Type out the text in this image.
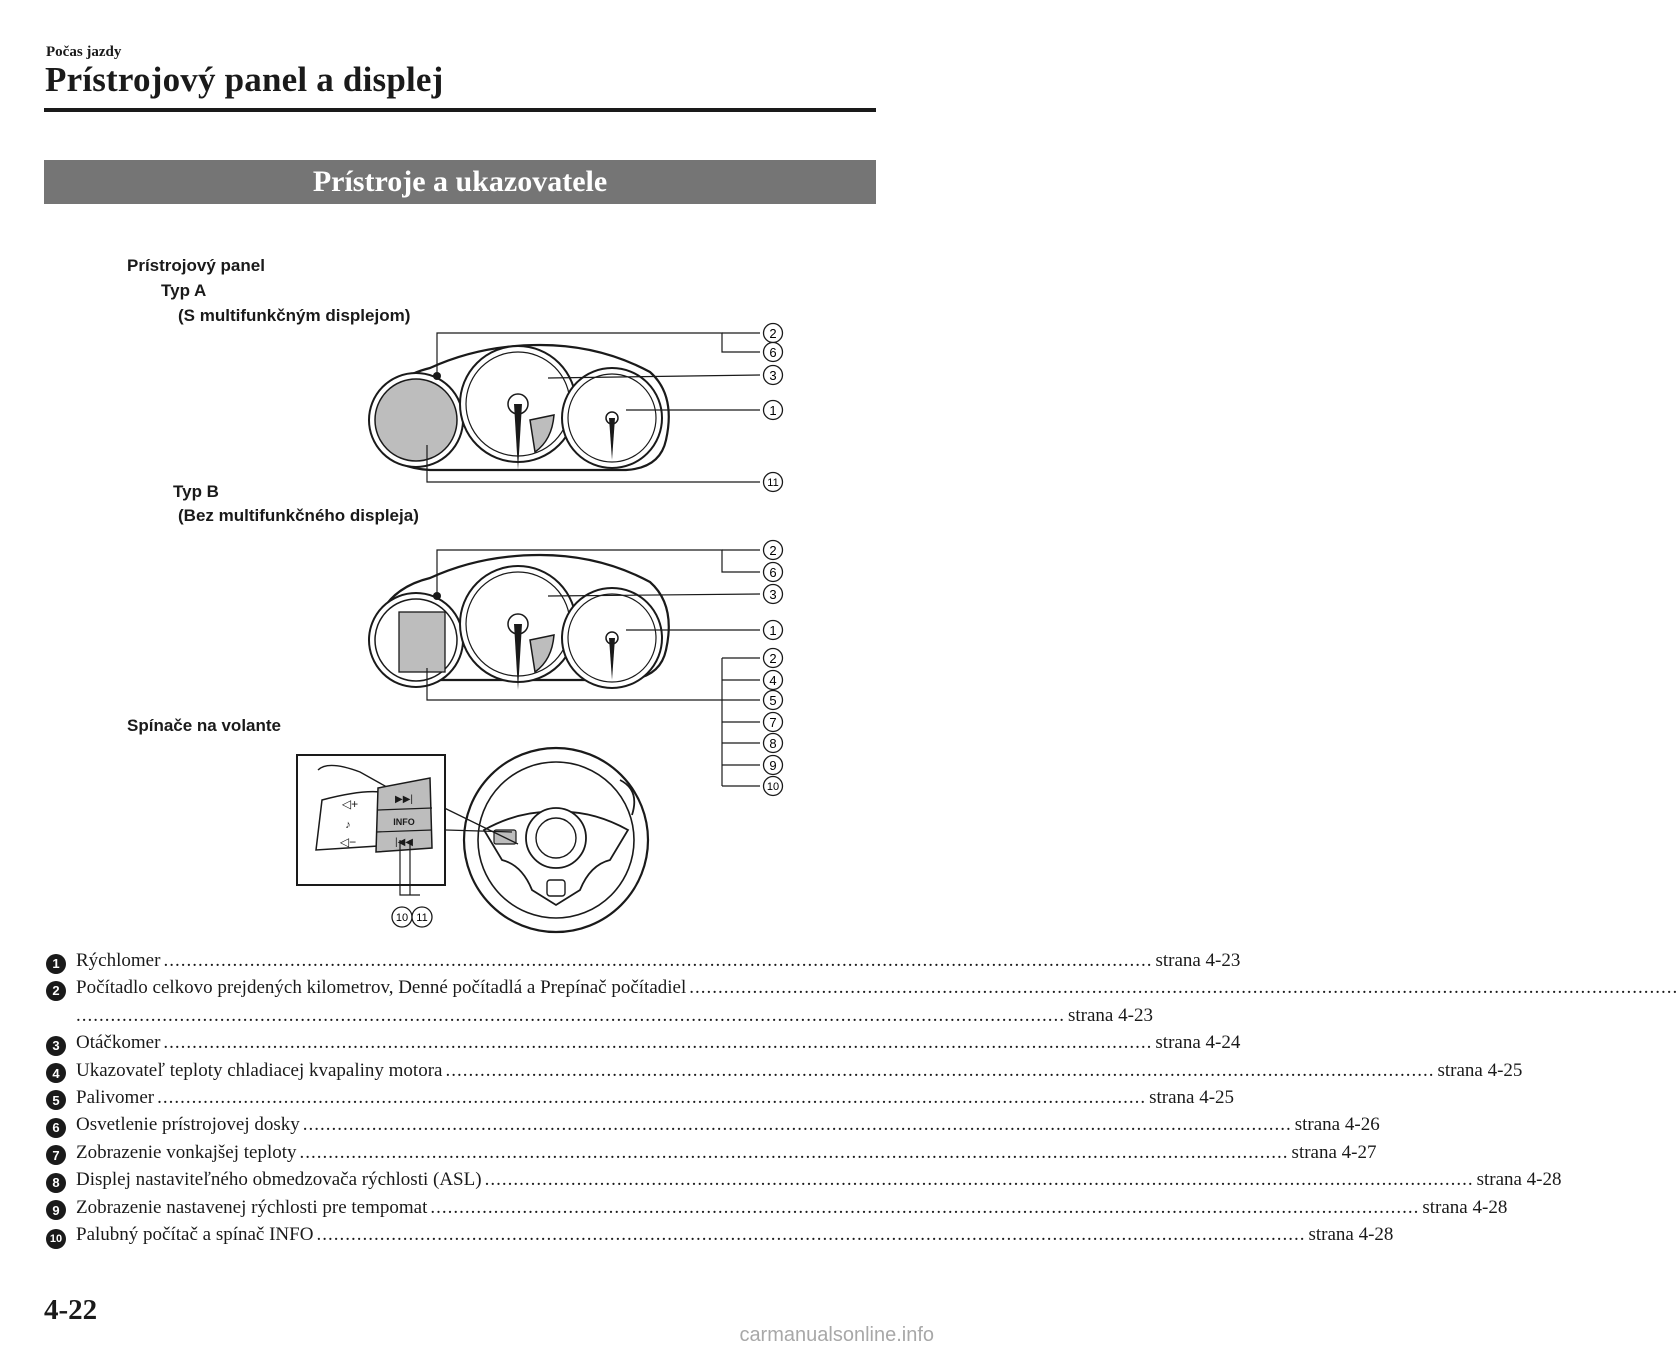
Počas jazdy
Prístrojový panel a displej
Prístroje a ukazovatele
Prístrojový panel
Typ A
(S multifunkčným displejom)
Typ B
(Bez multifunkčného displeja)
Spínače na volante
◁+
♪
◁−
▶▶|
INFO
|◀◀
2
6
3
1
11
2
6
3
1
2
4
5
7
8
9
10
10 11
1 Rýchlomer ............................................................................................................................................................................ strana 4-23
2 Počítadlo celkovo prejdených kilometrov, Denné počítadlá a Prepínač počítadiel ............................................................................................................................................................................
............................................................................................................................................................................ strana 4-23
3 Otáčkomer ............................................................................................................................................................................ strana 4-24
4 Ukazovateľ teploty chladiacej kvapaliny motora ............................................................................................................................................................................ strana 4-25
5 Palivomer ............................................................................................................................................................................ strana 4-25
6 Osvetlenie prístrojovej dosky ............................................................................................................................................................................ strana 4-26
7 Zobrazenie vonkajšej teploty ............................................................................................................................................................................ strana 4-27
8 Displej nastaviteľného obmedzovača rýchlosti (ASL) ............................................................................................................................................................................ strana 4-28
9 Zobrazenie nastavenej rýchlosti pre tempomat ............................................................................................................................................................................ strana 4-28
10 Palubný počítač a spínač INFO ............................................................................................................................................................................ strana 4-28
4-22
carmanualsonline.info
